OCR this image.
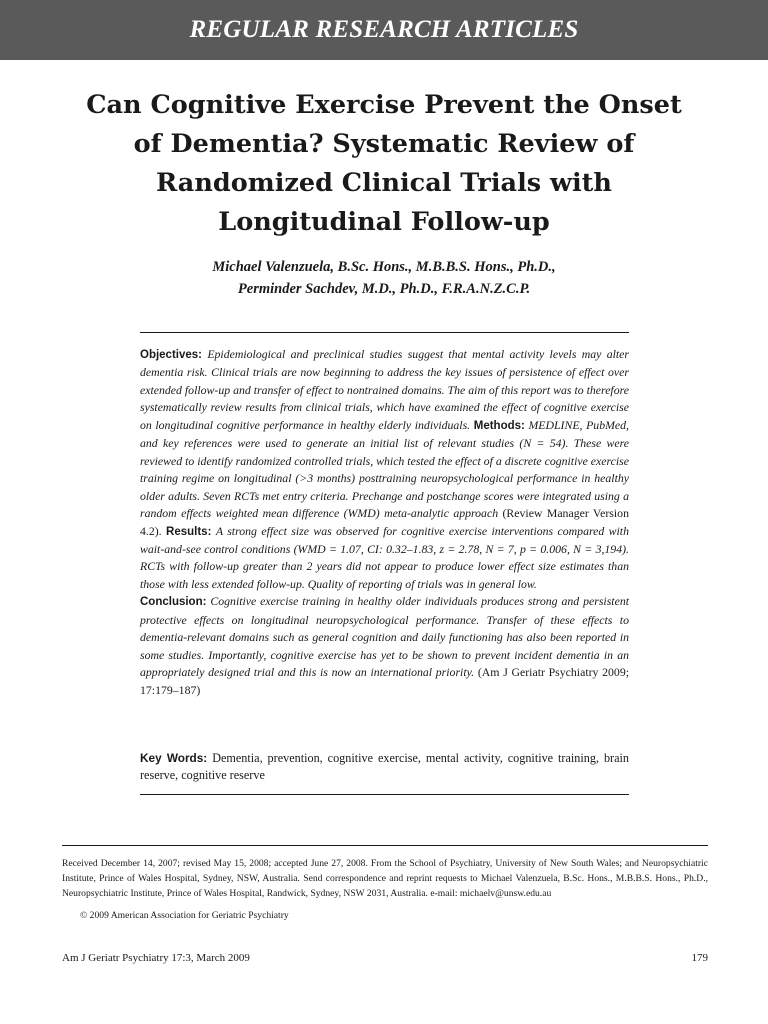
REGULAR RESEARCH ARTICLES
Can Cognitive Exercise Prevent the Onset
of Dementia? Systematic Review of
Randomized Clinical Trials with
Longitudinal Follow-up
Michael Valenzuela, B.Sc. Hons., M.B.B.S. Hons., Ph.D.,
Perminder Sachdev, M.D., Ph.D., F.R.A.N.Z.C.P.
Objectives: Epidemiological and preclinical studies suggest that mental activity levels may alter dementia risk. Clinical trials are now beginning to address the key issues of persistence of effect over extended follow-up and transfer of effect to nontrained domains. The aim of this report was to therefore systematically review results from clinical trials, which have examined the effect of cognitive exercise on longitudinal cognitive performance in healthy elderly individuals. Methods: MEDLINE, PubMed, and key references were used to generate an initial list of relevant studies (N = 54). These were reviewed to identify randomized controlled trials, which tested the effect of a discrete cognitive exercise training regime on longitudinal (>3 months) posttraining neuropsychological performance in healthy older adults. Seven RCTs met entry criteria. Prechange and postchange scores were integrated using a random effects weighted mean difference (WMD) meta-analytic approach (Review Manager Version 4.2). Results: A strong effect size was observed for cognitive exercise interventions compared with wait-and-see control conditions (WMD = 1.07, CI: 0.32–1.83, z = 2.78, N = 7, p = 0.006, N = 3,194). RCTs with follow-up greater than 2 years did not appear to produce lower effect size estimates than those with less extended follow-up. Quality of reporting of trials was in general low.
Conclusion: Cognitive exercise training in healthy older individuals produces strong and persistent protective effects on longitudinal neuropsychological performance. Transfer of these effects to dementia-relevant domains such as general cognition and daily functioning has also been reported in some studies. Importantly, cognitive exercise has yet to be shown to prevent incident dementia in an appropriately designed trial and this is now an international priority. (Am J Geriatr Psychiatry 2009; 17:179–187)
Key Words: Dementia, prevention, cognitive exercise, mental activity, cognitive training, brain reserve, cognitive reserve
Received December 14, 2007; revised May 15, 2008; accepted June 27, 2008. From the School of Psychiatry, University of New South Wales; and Neuropsychiatric Institute, Prince of Wales Hospital, Sydney, NSW, Australia. Send correspondence and reprint requests to Michael Valenzuela, B.Sc. Hons., M.B.B.S. Hons., Ph.D., Neuropsychiatric Institute, Prince of Wales Hospital, Randwick, Sydney, NSW 2031, Australia. e-mail: michaelv@unsw.edu.au
© 2009 American Association for Geriatric Psychiatry
Am J Geriatr Psychiatry 17:3, March 2009	179
